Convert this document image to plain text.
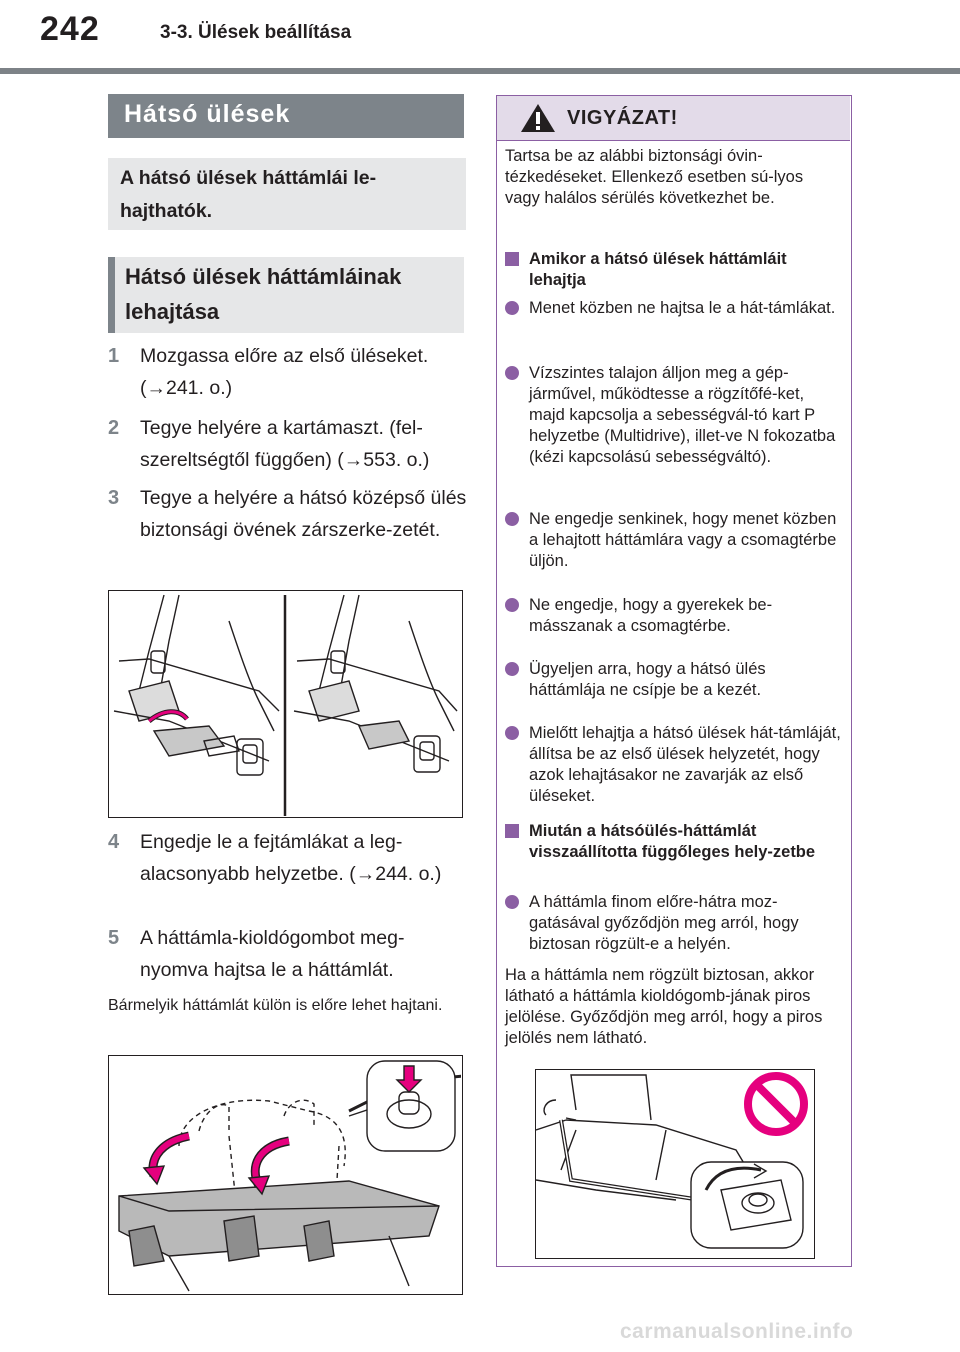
242	3-3. Ülések beállítása
Hátsó ülések
A hátsó ülések háttámlái le-hajthatók.
Hátsó ülések háttámláinak lehajtása
1 Mozgassa előre az első üléseket. (→241. o.)
2 Tegye helyére a kartámaszt. (fel-szereltségtől függően) (→553. o.)
3 Tegye a helyére a hátsó középső ülés biztonsági övének zárszerke-zetét.
4 Engedje le a fejtámlákat a leg-alacsonyabb helyzetbe. (→244. o.)
5 A háttámla-kioldógombot meg-nyomva hajtsa le a háttámlát.
Bármelyik háttámlát külön is előre lehet hajtani.
VIGYÁZAT!
Tartsa be az alábbi biztonsági óvin-tézkedéseket. Ellenkező esetben sú-lyos vagy halálos sérülés következhet be.
Amikor a hátsó ülések háttámláit lehajtja
Menet közben ne hajtsa le a hát-támlákat.
Vízszintes talajon álljon meg a gép-járművel, működtesse a rögzítőfé-ket, majd kapcsolja a sebességvál-tó kart P helyzetbe (Multidrive), illet-ve N fokozatba (kézi kapcsolású sebességváltó).
Ne engedje senkinek, hogy menet közben a lehajtott háttámlára vagy a csomagtérbe üljön.
Ne engedje, hogy a gyerekek be-másszanak a csomagtérbe.
Ügyeljen arra, hogy a hátsó ülés háttámlája ne csípje be a kezét.
Mielőtt lehajtja a hátsó ülések hát-támláját, állítsa be az első ülések helyzetét, hogy azok lehajtásakor ne zavarják az első üléseket.
Miután a hátsóülés-háttámlát visszaállította függőleges hely-zetbe
A háttámla finom előre-hátra moz-gatásával győződjön meg arról, hogy biztosan rögzült-e a helyén.
Ha a háttámla nem rögzült biztosan, akkor látható a háttámla kioldógomb-jának piros jelölése. Győződjön meg arról, hogy a piros jelölés nem látható.
carmanualsonline.info
